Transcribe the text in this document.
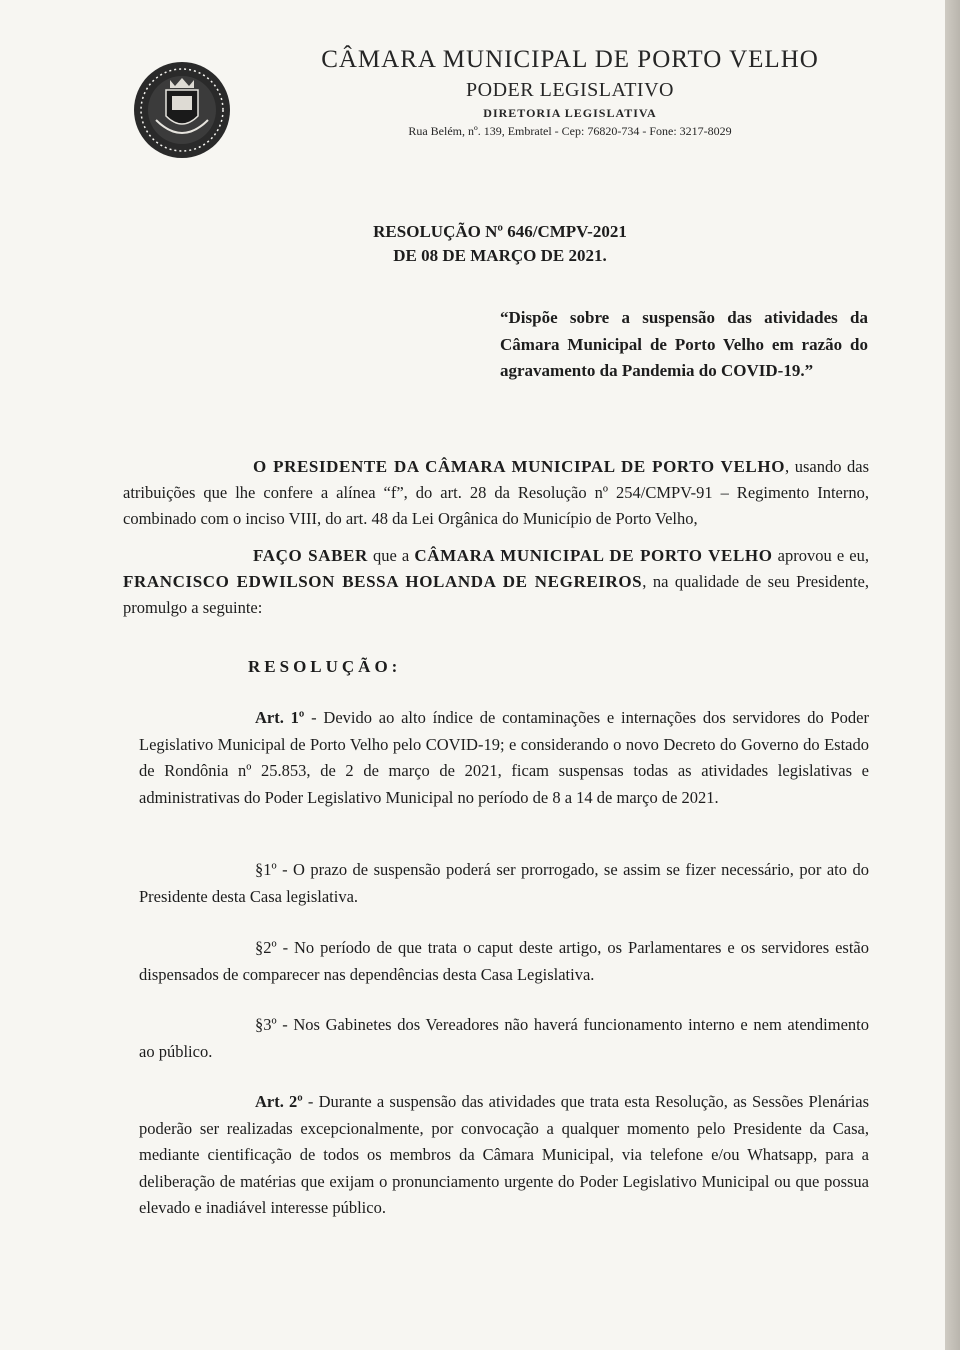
CÂMARA MUNICIPAL DE PORTO VELHO
PODER LEGISLATIVO
DIRETORIA LEGISLATIVA
Rua Belém, nº. 139, Embratel - Cep: 76820-734 - Fone: 3217-8029
RESOLUÇÃO Nº 646/CMPV-2021
DE 08 DE MARÇO DE 2021.
“Dispõe sobre a suspensão das atividades da Câmara Municipal de Porto Velho em razão do agravamento da Pandemia do COVID-19.”
O PRESIDENTE DA CÂMARA MUNICIPAL DE PORTO VELHO, usando das atribuições que lhe confere a alínea “f”, do art. 28 da Resolução nº 254/CMPV-91 – Regimento Interno, combinado com o inciso VIII, do art. 48 da Lei Orgânica do Município de Porto Velho,
FAÇO SABER que a CÂMARA MUNICIPAL DE PORTO VELHO aprovou e eu, FRANCISCO EDWILSON BESSA HOLANDA DE NEGREIROS, na qualidade de seu Presidente, promulgo a seguinte:
RESOLUÇÃO:
Art. 1º - Devido ao alto índice de contaminações e internações dos servidores do Poder Legislativo Municipal de Porto Velho pelo COVID-19; e considerando o novo Decreto do Governo do Estado de Rondônia nº 25.853, de 2 de março de 2021, ficam suspensas todas as atividades legislativas e administrativas do Poder Legislativo Municipal no período de 8 a 14 de março de 2021.
§1º - O prazo de suspensão poderá ser prorrogado, se assim se fizer necessário, por ato do Presidente desta Casa legislativa.
§2º - No período de que trata o caput deste artigo, os Parlamentares e os servidores estão dispensados de comparecer nas dependências desta Casa Legislativa.
§3º - Nos Gabinetes dos Vereadores não haverá funcionamento interno e nem atendimento ao público.
Art. 2º - Durante a suspensão das atividades que trata esta Resolução, as Sessões Plenárias poderão ser realizadas excepcionalmente, por convocação a qualquer momento pelo Presidente da Casa, mediante cientificação de todos os membros da Câmara Municipal, via telefone e/ou Whatsapp, para a deliberação de matérias que exijam o pronunciamento urgente do Poder Legislativo Municipal ou que possua elevado e inadiável interesse público.
